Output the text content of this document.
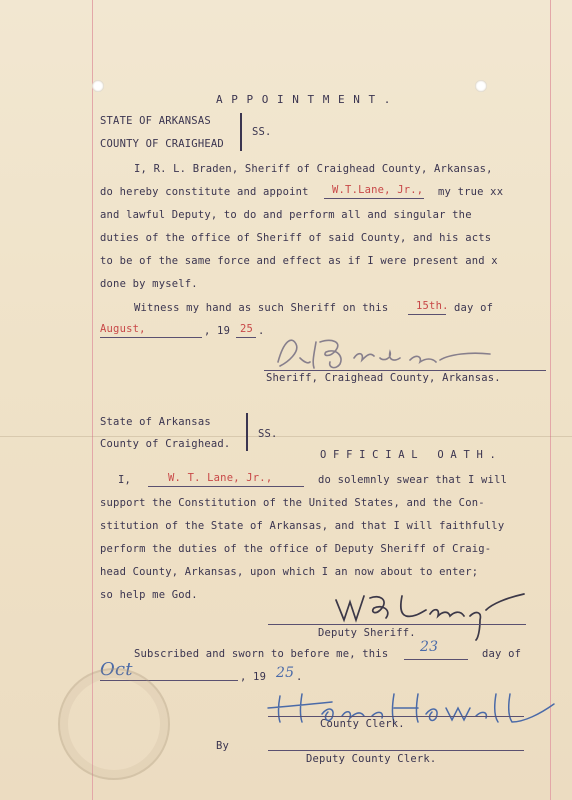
A P P O I N T M E N T .
STATE OF ARKANSAS
COUNTY OF CRAIGHEAD
SS.
I, R. L. Braden, Sheriff of Craighead County, Arkansas,
do hereby constitute and appoint W.T.Lane, Jr., my true xx
and lawful Deputy, to do and perform all and singular the
duties of the office of Sheriff of said County, and his acts
to be of the same force and effect as if I were present and x
done by myself.
Witness my hand as such Sheriff on this	15th. day of
August,	, 19 25 .
Sheriff, Craighead County, Arkansas.
State of Arkansas
County of Craighead.
SS.
O F F I C I A L   O A T H .
I,	W. T. Lane, Jr.,	do solemnly swear that I will
support the Constitution of the United States, and the Con-
stitution of the State of Arkansas, and that I will faithfully
perform the duties of the office of Deputy Sheriff of Craig-
head County, Arkansas, upon which I an now about to enter;
so help me God.
Deputy Sheriff.
Subscribed and sworn to before me, this 23	day of
Oct	, 19 25 .
County Clerk.
By
Deputy County Clerk.
